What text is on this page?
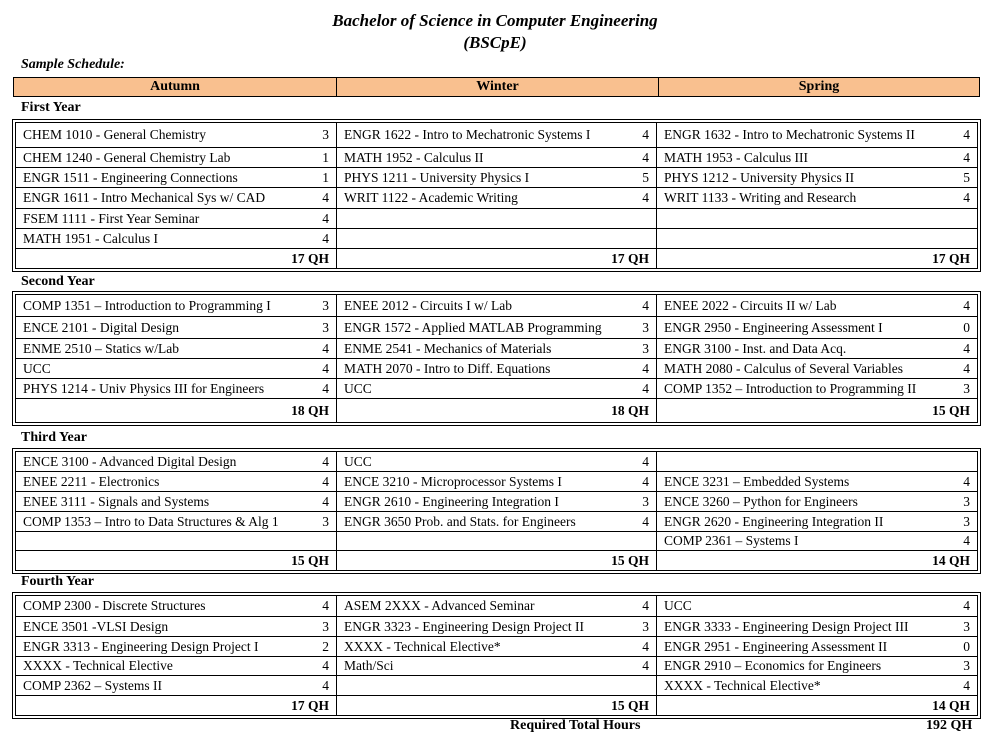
Bachelor of Science in Computer Engineering
(BSCpE)
Sample Schedule:
Autumn	Winter	Spring
First Year
CHEM 1010 - General Chemistry 3	ENGR 1622 - Intro to Mechatronic Systems I 4	ENGR 1632 - Intro to Mechatronic Systems II 4

CHEM 1240 - General Chemistry Lab 1	MATH 1952 - Calculus II 4	MATH 1953 - Calculus III 4

ENGR 1511 - Engineering Connections 1	PHYS 1211 - University Physics I 5	PHYS 1212 - University Physics II 5

ENGR 1611 - Intro Mechanical Sys w/ CAD 4	WRIT 1122 - Academic Writing 4	WRIT 1133 - Writing and Research 4

FSEM 1111 - First Year Seminar 4		

MATH 1951 - Calculus I 4		

17 QH	17 QH	17 QH
Second Year
COMP 1351 – Introduction to Programming I 3	ENEE 2012 - Circuits I w/ Lab 4	ENEE 2022 - Circuits II w/ Lab 4

ENCE 2101 - Digital Design 3	ENGR 1572 - Applied MATLAB Programming 3	ENGR 2950 - Engineering Assessment I 0

ENME 2510 – Statics w/Lab 4	ENME 2541 - Mechanics of Materials 3	ENGR 3100 - Inst. and Data Acq. 4

UCC 4	MATH 2070 - Intro to Diff. Equations 4	MATH 2080 - Calculus of Several Variables 4

PHYS 1214 - Univ Physics III for Engineers 4	UCC 4	COMP 1352 – Introduction to Programming II 3

18 QH	18 QH	15 QH
Third Year
ENCE 3100 - Advanced Digital Design 4	UCC 4	

ENEE 2211 - Electronics 4	ENCE 3210 - Microprocessor Systems I 4	ENCE 3231 – Embedded Systems 4

ENEE 3111 - Signals and Systems 4	ENGR 2610 - Engineering Integration I 3	ENCE 3260 – Python for Engineers 3

COMP 1353 – Intro to Data Structures & Alg 1 3	ENGR 3650 Prob. and Stats. for Engineers 4	ENGR 2620 - Engineering Integration II 3

		COMP 2361 – Systems I 4

15 QH	15 QH	14 QH
Fourth Year
COMP 2300 - Discrete Structures 4	ASEM 2XXX - Advanced Seminar 4	UCC 4

ENCE 3501 -VLSI Design 3	ENGR 3323 - Engineering Design Project II 3	ENGR 3333 - Engineering Design Project III 3

ENGR 3313 - Engineering Design Project I 2	XXXX - Technical Elective* 4	ENGR 2951 - Engineering Assessment II 0

XXXX - Technical Elective 4	Math/Sci 4	ENGR 2910 – Economics for Engineers 3

COMP 2362 – Systems II 4		XXXX - Technical Elective* 4

17 QH	15 QH	14 QH
Required Total Hours	192 QH
